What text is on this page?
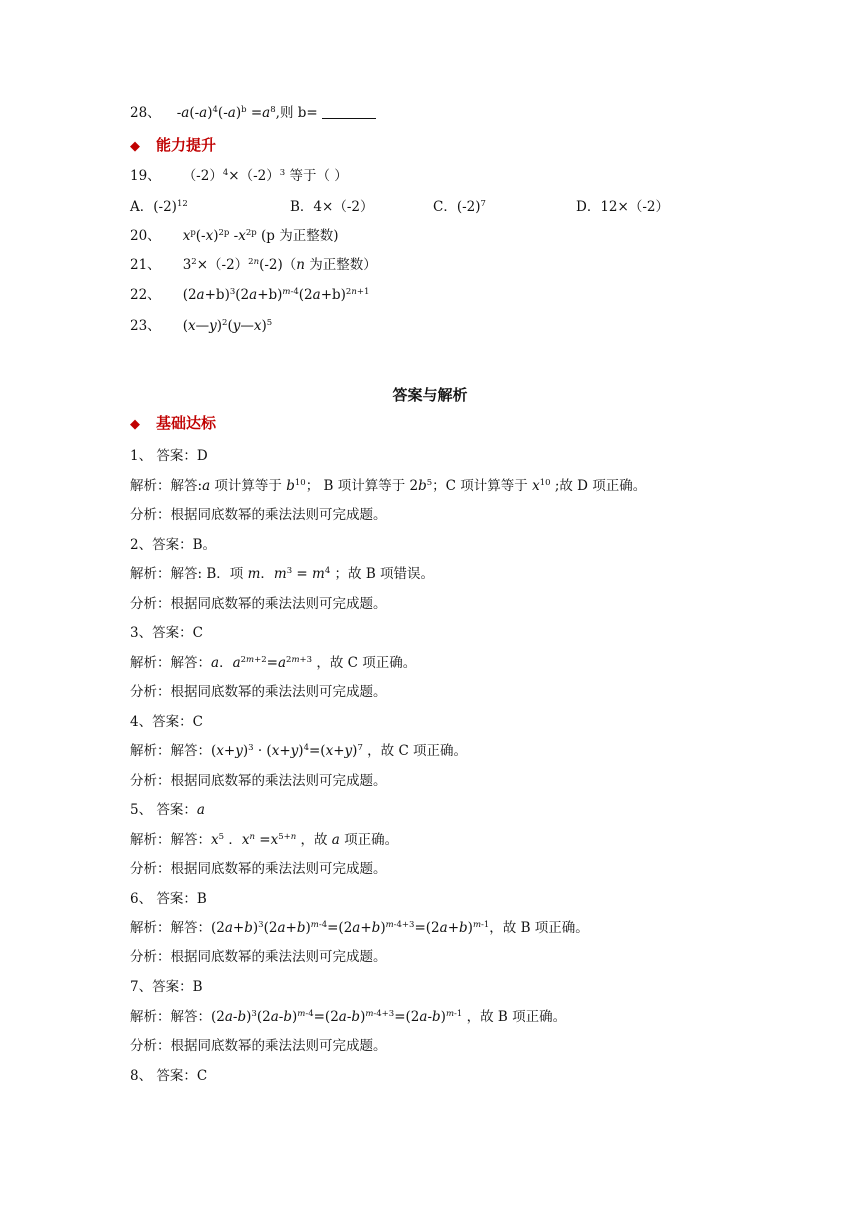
28、 $-a(-a)^4(-a)^b =a^8$,则 b=
◆ 能力提升
19、 $(-2)^4\times(-2)^3$ 等于（ ）
A．$(-2)^{12}$	B．4×（-2）	C．$(-2)^7$	D．12×（-2）
20、 $x^p(-x)^{2p}$ $-x^{2p}$ (p 为正整数)
21、 $3^2\times(-2)^{2n}(-2)(n$ 为正整数）
22、 $(2a+b)^3(2a+b)^{m-4}(2a+b)^{2n+1}$
23、 (x—y)$^2$(y—x)$^5$
答案与解析
◆ 基础达标
1、 答案：D
解析：解答:a 项计算等于 $b^{10}$； B 项计算等于 $2b^5$；C 项计算等于 $x^{10}$ ;故 D 项正确。
分析：根据同底数幂的乘法法则可完成题。
2、答案：B。
解析：解答: B．项 m．$m^3 = m^4$ ；故 B 项错误。
分析：根据同底数幂的乘法法则可完成题。
3、答案：C
解析：解答：a．$a^{2m+2}=a^{2m+3}$ ，故 C 项正确。
分析：根据同底数幂的乘法法则可完成题。
4、答案：C
解析：解答：$(x+y)^3 \cdot (x+y)^4=(x+y)^7$ ，故 C 项正确。
分析：根据同底数幂的乘法法则可完成题。
5、 答案：a
解析：解答：$x^5$ ．$x^n =x^{5+n}$ ，故 a 项正确。
分析：根据同底数幂的乘法法则可完成题。
6、 答案：B
解析：解答：$(2a+b)^3(2a+b)^{m-4}=(2a+b)^{m-4+3}=(2a+b)^{m-1}$，故 B 项正确。
分析：根据同底数幂的乘法法则可完成题。
7、答案：B
解析：解答：$(2a-b)^3(2a-b)^{m-4}=(2a-b)^{m-4+3}=(2a-b)^{m-1}$ ，故 B 项正确。
分析：根据同底数幂的乘法法则可完成题。
8、 答案：C
